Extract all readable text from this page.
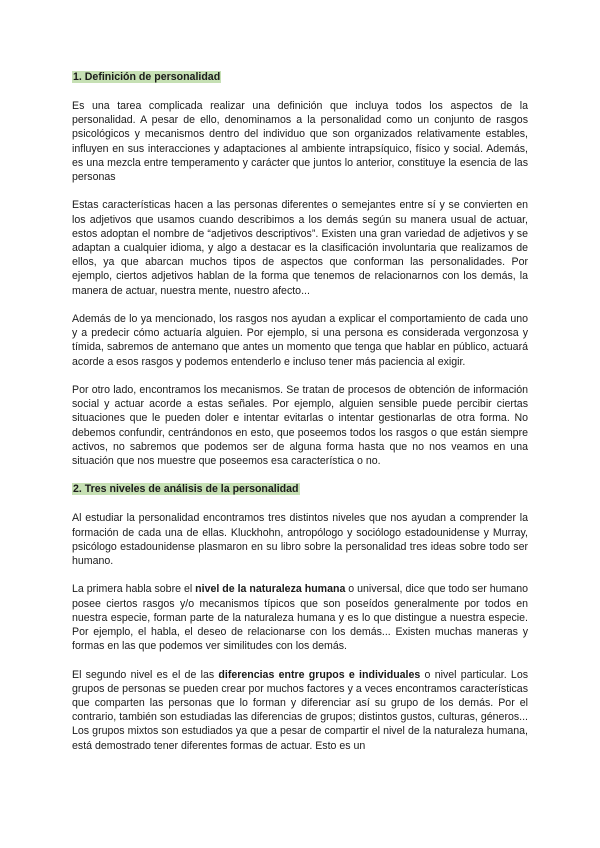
1. Definición de personalidad

Es una tarea complicada realizar una definición que incluya todos los aspectos de la personalidad. A pesar de ello, denominamos a la personalidad como un conjunto de rasgos psicológicos y mecanismos dentro del individuo que son organizados relativamente estables, influyen en sus interacciones y adaptaciones al ambiente intrapsíquico, físico y social. Además, es una mezcla entre temperamento y carácter que juntos lo anterior, constituye la esencia de las personas

Estas características hacen a las personas diferentes o semejantes entre sí y se convierten en los adjetivos que usamos cuando describimos a los demás según su manera usual de actuar, estos adoptan el nombre de “adjetivos descriptivos”. Existen una gran variedad de adjetivos y se adaptan a cualquier idioma, y algo a destacar es la clasificación involuntaria que realizamos de ellos, ya que abarcan muchos tipos de aspectos que conforman las personalidades. Por ejemplo, ciertos adjetivos hablan de la forma que tenemos de relacionarnos con los demás, la manera de actuar, nuestra mente, nuestro afecto...

Además de lo ya mencionado, los rasgos nos ayudan a explicar el comportamiento de cada uno y a predecir cómo actuaría alguien. Por ejemplo, si una persona es considerada vergonzosa y tímida, sabremos de antemano que antes un momento que tenga que hablar en público, actuará acorde a esos rasgos y podemos entenderlo e incluso tener más paciencia al exigir.

Por otro lado, encontramos los mecanismos. Se tratan de procesos de obtención de información social y actuar acorde a estas señales. Por ejemplo, alguien sensible puede percibir ciertas situaciones que le pueden doler e intentar evitarlas o intentar gestionarlas de otra forma. No debemos confundir, centrándonos en esto, que poseemos todos los rasgos o que están siempre activos, no sabremos que podemos ser de alguna forma hasta que no nos veamos en una situación que nos muestre que poseemos esa característica o no.

2. Tres niveles de análisis de la personalidad

Al estudiar la personalidad encontramos tres distintos niveles que nos ayudan a comprender la formación de cada una de ellas. Kluckhohn, antropólogo y sociólogo estadounidense y Murray, psicólogo estadounidense plasmaron en su libro sobre la personalidad tres ideas sobre todo ser humano.

La primera habla sobre el nivel de la naturaleza humana o universal, dice que todo ser humano posee ciertos rasgos y/o mecanismos típicos que son poseídos generalmente por todos en nuestra especie, forman parte de la naturaleza humana y es lo que distingue a nuestra especie. Por ejemplo, el habla, el deseo de relacionarse con los demás... Existen muchas maneras y formas en las que podemos ver similitudes con los demás.

El segundo nivel es el de las diferencias entre grupos e individuales o nivel particular. Los grupos de personas se pueden crear por muchos factores y a veces encontramos características que comparten las personas que lo forman y diferenciar así su grupo de los demás. Por el contrario, también son estudiadas las diferencias de grupos; distintos gustos, culturas, géneros... Los grupos mixtos son estudiados ya que a pesar de compartir el nivel de la naturaleza humana, está demostrado tener diferentes formas de actuar. Esto es un
